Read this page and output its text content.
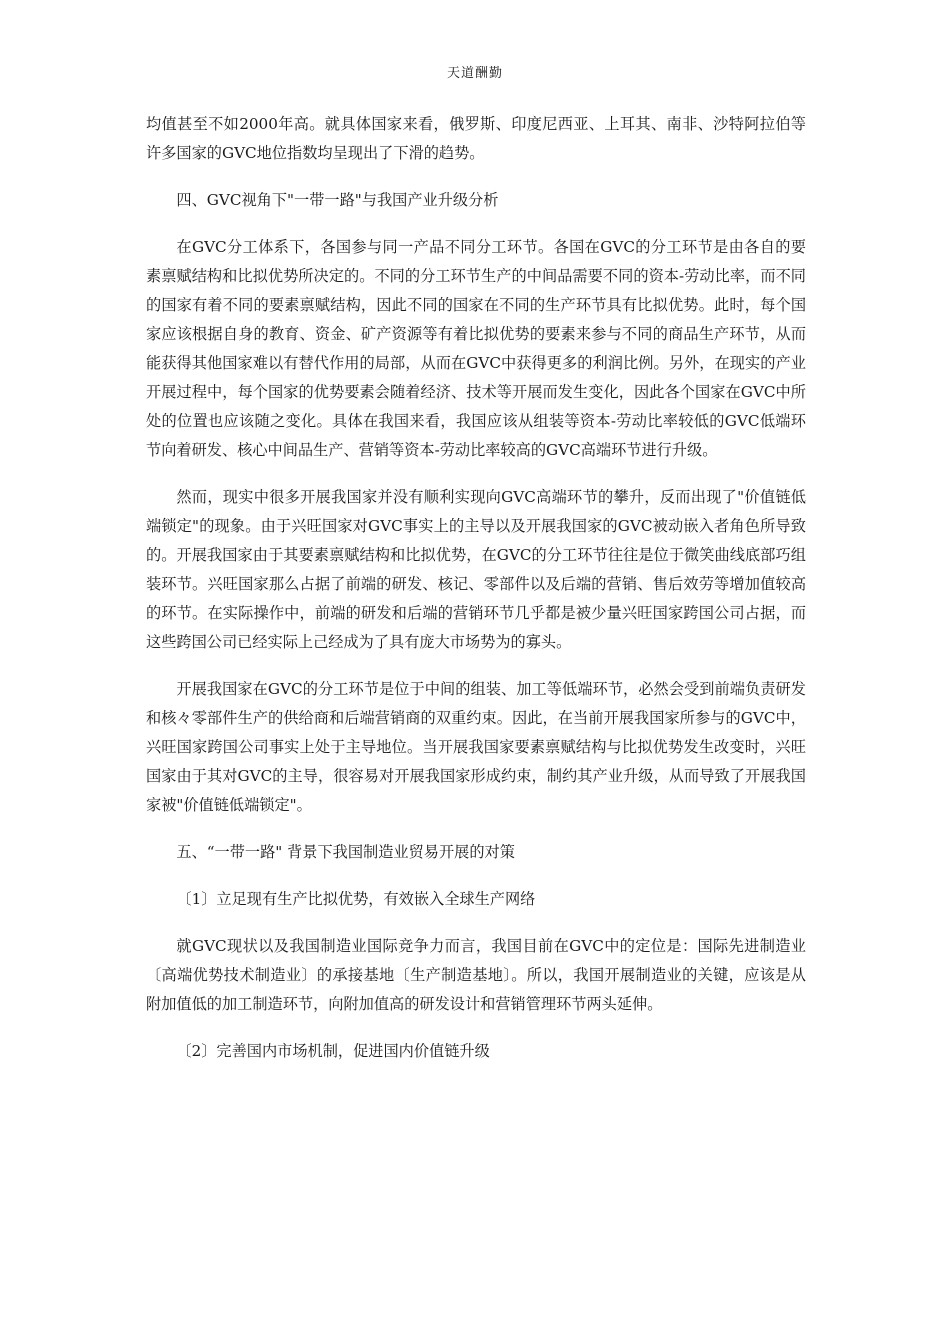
天道酬勤

均值甚至不如2000年高。就具体国家来看，俄罗斯、印度尼西亚、上耳其、南非、沙特阿拉伯等许多国家的GVC地位指数均呈现出了下滑的趋势。

四、GVC视角下"一带一路"与我国产业升级分析

在GVC分工体系下，各国参与同一产品不同分工环节。各国在GVC的分工环节是由各自的要素禀赋结构和比拟优势所决定的。不同的分工环节生产的中间品需要不同的资本-劳动比率，而不同的国家有着不同的要素禀赋结构，因此不同的国家在不同的生产环节具有比拟优势。此时，每个国家应该根据自身的教育、资金、矿产资源等有着比拟优势的要素来参与不同的商品生产环节，从而能获得其他国家难以有替代作用的局部，从而在GVC中获得更多的利润比例。另外，在现实的产业开展过程中，每个国家的优势要素会随着经济、技术等开展而发生变化，因此各个国家在GVC中所处的位置也应该随之变化。具体在我国来看，我国应该从组装等资本-劳动比率较低的GVC低端环节向着研发、核心中间品生产、营销等资本-劳动比率较高的GVC高端环节进行升级。

然而，现实中很多开展我国家并没有顺利实现向GVC高端环节的攀升，反而出现了"价值链低端锁定"的现象。由于兴旺国家对GVC事实上的主导以及开展我国家的GVC被动嵌入者角色所导致的。开展我国家由于其要素禀赋结构和比拟优势，在GVC的分工环节往往是位于微笑曲线底部巧组装环节。兴旺国家那么占据了前端的研发、核记、零部件以及后端的营销、售后效劳等增加值较高的环节。在实际操作中，前端的研发和后端的营销环节几乎都是被少量兴旺国家跨国公司占据，而这些跨国公司已经实际上己经成为了具有庞大市场势为的寡头。

开展我国家在GVC的分工环节是位于中间的组装、加工等低端环节，必然会受到前端负责研发和核々零部件生产的供给商和后端营销商的双重约束。因此，在当前开展我国家所参与的GVC中，兴旺国家跨国公司事实上处于主导地位。当开展我国家要素禀赋结构与比拟优势发生改变时，兴旺国家由于其对GVC的主导，很容易对开展我国家形成约束，制约其产业升级，从而导致了开展我国家被"价值链低端锁定"。

五、“一带一路" 背景下我国制造业贸易开展的对策

〔1〕立足现有生产比拟优势，有效嵌入全球生产网络

就GVC现状以及我国制造业国际竞争力而言，我国目前在GVC中的定位是：国际先进制造业〔高端优势技术制造业〕的承接基地〔生产制造基地〕。所以，我国开展制造业的关键，应该是从附加值低的加工制造环节，向附加值高的研发设计和营销管理环节两头延伸。

〔2〕完善国内市场机制，促进国内价值链升级
